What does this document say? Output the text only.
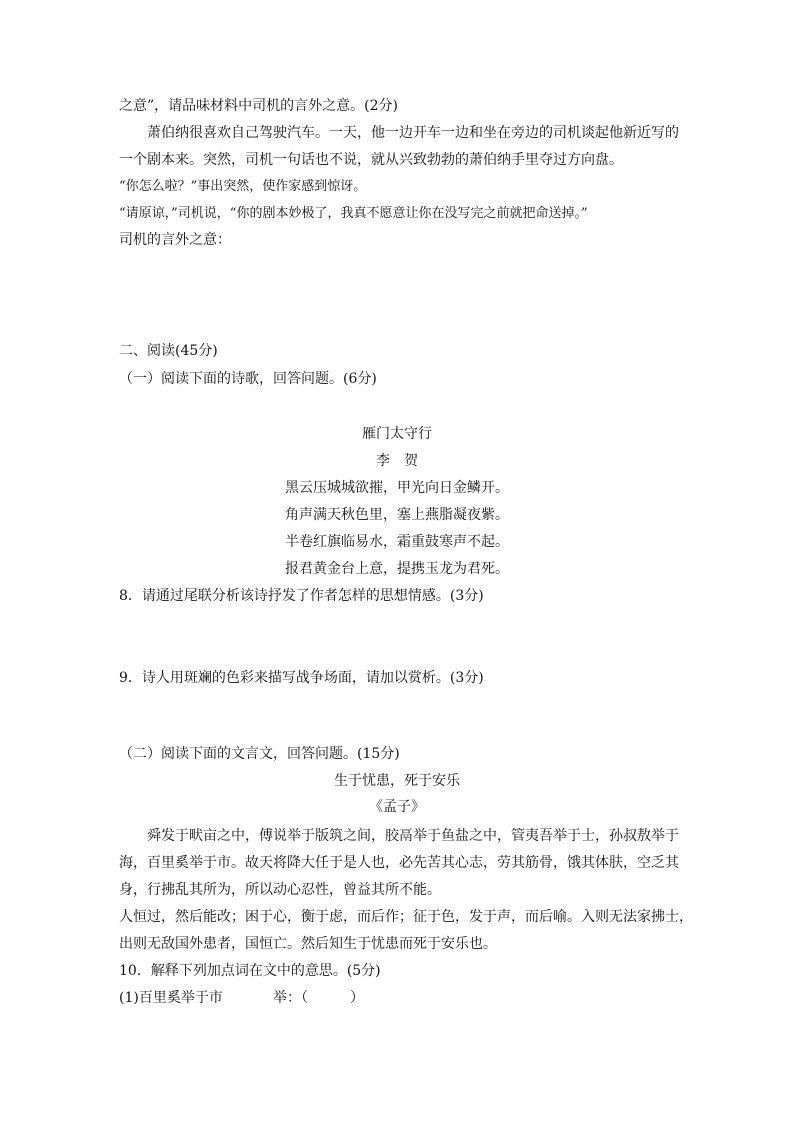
之意”，请品味材料中司机的言外之意。(2分)
萧伯纳很喜欢自己驾驶汽车。一天，他一边开车一边和坐在旁边的司机谈起他新近写的
一个剧本来。突然，司机一句话也不说，就从兴致勃勃的萧伯纳手里夺过方向盘。
“你怎么啦？”事出突然，使作家感到惊讶。
“请原谅，”司机说，“你的剧本妙极了，我真不愿意让你在没写完之前就把命送掉。”
司机的言外之意：
二、阅读(45分)
（一）阅读下面的诗歌，回答问题。(6分)
雁门太守行
李　贺
黑云压城城欲摧，甲光向日金鳞开。
角声满天秋色里，塞上燕脂凝夜紫。
半卷红旗临易水，霜重鼓寒声不起。
报君黄金台上意，提携玉龙为君死。
8．请通过尾联分析该诗抒发了作者怎样的思想情感。(3分)
9．诗人用斑斓的色彩来描写战争场面，请加以赏析。(3分)
（二）阅读下面的文言文，回答问题。(15分)
生于忧患，死于安乐
《孟子》
舜发于畎亩之中，傅说举于版筑之间，胶鬲举于鱼盐之中，管夷吾举于士，孙叔敖举于
海，百里奚举于市。故天将降大任于是人也，必先苦其心志，劳其筋骨，饿其体肤，空乏其
身，行拂乱其所为，所以动心忍性，曾益其所不能。
人恒过，然后能改；困于心，衡于虑，而后作；征于色，发于声，而后喻。入则无法家拂士，
出则无敌国外患者，国恒亡。然后知生于忧患而死于安乐也。
10．解释下列加点词在文中的意思。(5分)
(1)百里奚举于市	举：（　　　）
